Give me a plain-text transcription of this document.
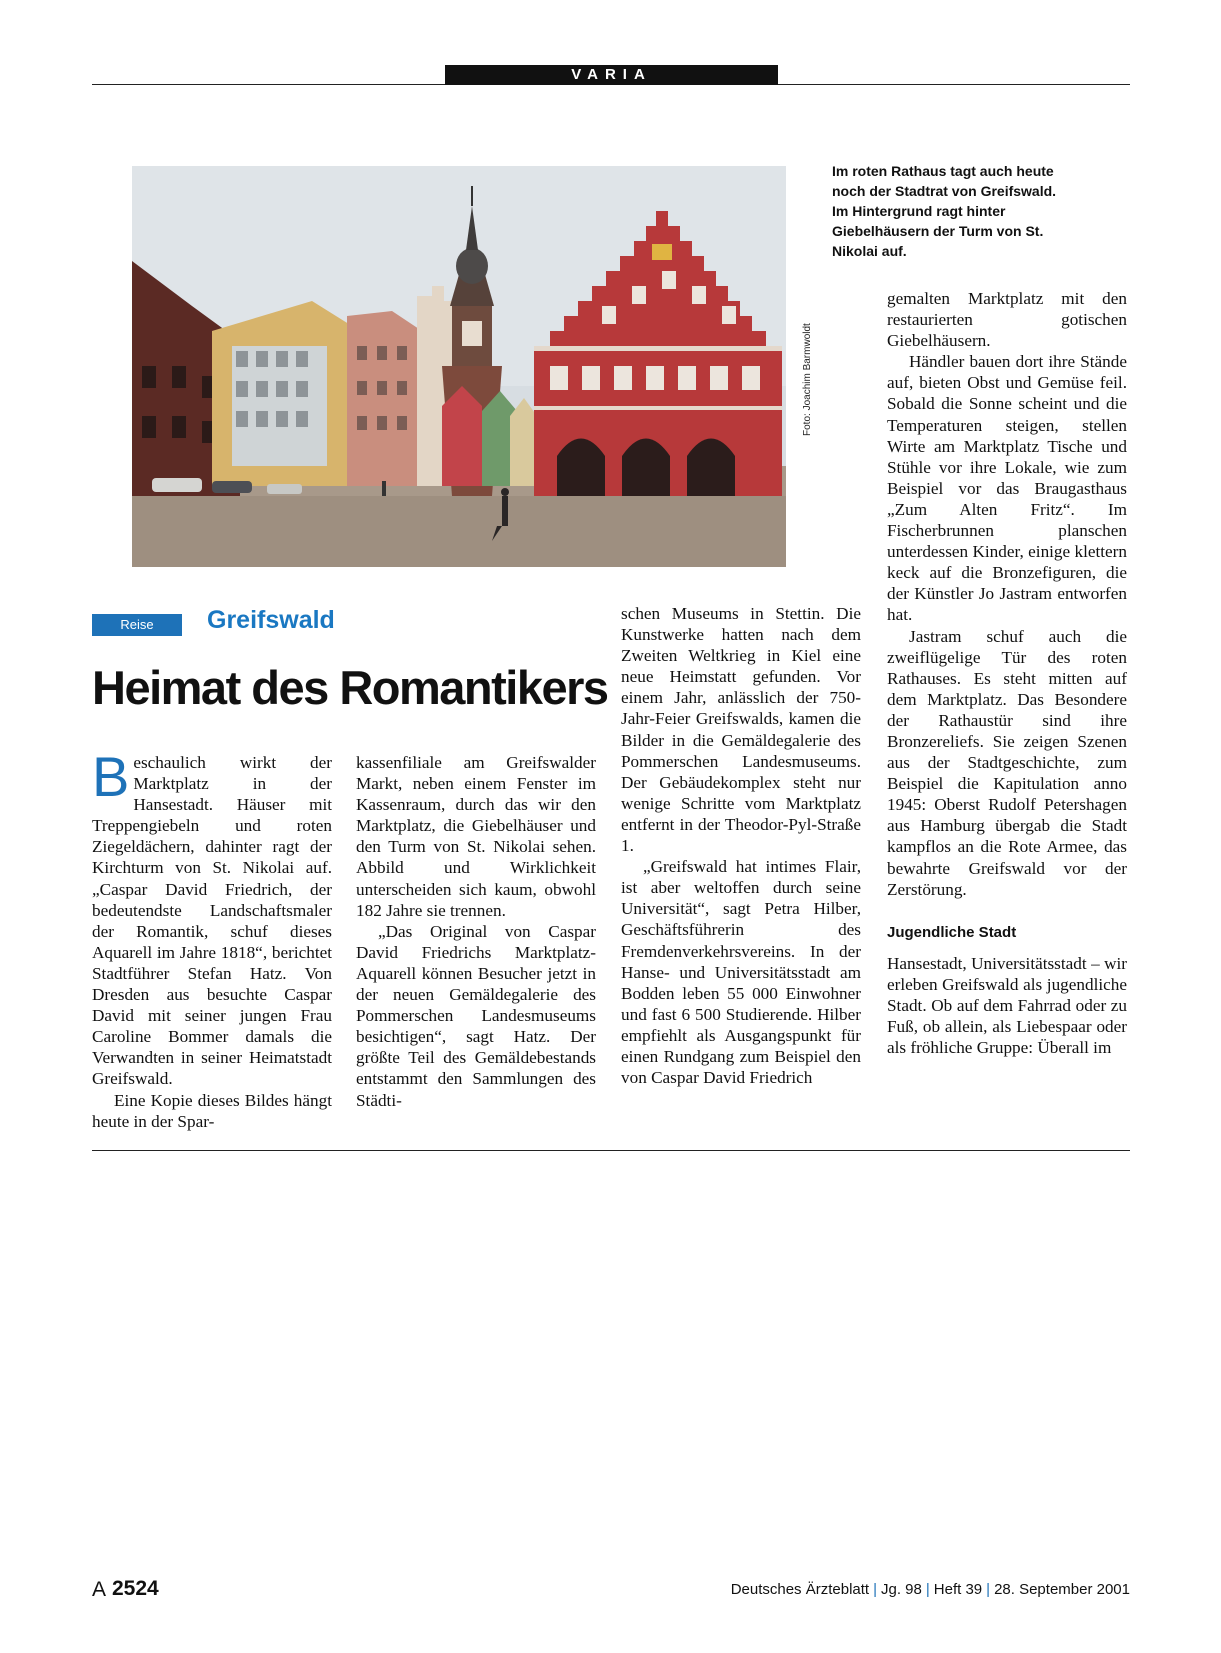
VARIA
Foto: Joachim Barmwoldt
Im roten Rathaus tagt auch heute noch der Stadtrat von Greifswald. Im Hintergrund ragt hinter Giebelhäusern der Turm von St. Nikolai auf.
Reise	Greifswald
Heimat des Romantikers

Beschaulich wirkt der Marktplatz in der Hansestadt. Häuser mit Treppengiebeln und roten Ziegeldächern, dahinter ragt der Kirchturm von St. Nikolai auf. „Caspar David Friedrich, der bedeutendste Landschaftsmaler der Romantik, schuf dieses Aquarell im Jahre 1818“, berichtet Stadtführer Stefan Hatz. Von Dresden aus besuchte Caspar David mit seiner jungen Frau Caroline Bommer damals die Verwandten in seiner Heimatstadt Greifswald.

Eine Kopie dieses Bildes hängt heute in der Spar-

kassenfiliale am Greifswalder Markt, neben einem Fenster im Kassenraum, durch das wir den Marktplatz, die Giebelhäuser und den Turm von St. Nikolai sehen. Abbild und Wirklichkeit unterscheiden sich kaum, obwohl 182 Jahre sie trennen.

„Das Original von Caspar David Friedrichs Marktplatz-Aquarell können Besucher jetzt in der neuen Gemäldegalerie des Pommerschen Landesmuseums besichtigen“, sagt Hatz. Der größte Teil des Gemäldebestands entstammt den Sammlungen des Städti-

schen Museums in Stettin. Die Kunstwerke hatten nach dem Zweiten Weltkrieg in Kiel eine neue Heimstatt gefunden. Vor einem Jahr, anlässlich der 750-Jahr-Feier Greifswalds, kamen die Bilder in die Gemäldegalerie des Pommerschen Landesmuseums. Der Gebäudekomplex steht nur wenige Schritte vom Marktplatz entfernt in der Theodor-Pyl-Straße 1.

„Greifswald hat intimes Flair, ist aber weltoffen durch seine Universität“, sagt Petra Hilber, Geschäftsführerin des Fremdenverkehrsvereins. In der Hanse- und Universitätsstadt am Bodden leben 55 000 Einwohner und fast 6 500 Studierende. Hilber empfiehlt als Ausgangspunkt für einen Rundgang zum Beispiel den von Caspar David Friedrich

gemalten Marktplatz mit den restaurierten gotischen Giebelhäusern.

Händler bauen dort ihre Stände auf, bieten Obst und Gemüse feil. Sobald die Sonne scheint und die Temperaturen steigen, stellen Wirte am Marktplatz Tische und Stühle vor ihre Lokale, wie zum Beispiel vor das Braugasthaus „Zum Alten Fritz“. Im Fischerbrunnen planschen unterdessen Kinder, einige klettern keck auf die Bronzefiguren, die der Künstler Jo Jastram entworfen hat.

Jastram schuf auch die zweiflügelige Tür des roten Rathauses. Es steht mitten auf dem Marktplatz. Das Besondere der Rathaustür sind ihre Bronzereliefs. Sie zeigen Szenen aus der Stadtgeschichte, zum Beispiel die Kapitulation anno 1945: Oberst Rudolf Petershagen aus Hamburg übergab die Stadt kampflos an die Rote Armee, das bewahrte Greifswald vor der Zerstörung.

Jugendliche Stadt

Hansestadt, Universitätsstadt – wir erleben Greifswald als jugendliche Stadt. Ob auf dem Fahrrad oder zu Fuß, ob allein, als Liebespaar oder als fröhliche Gruppe: Überall im

A 2524	Deutsches Ärzteblatt | Jg. 98 | Heft 39 | 28. September 2001
